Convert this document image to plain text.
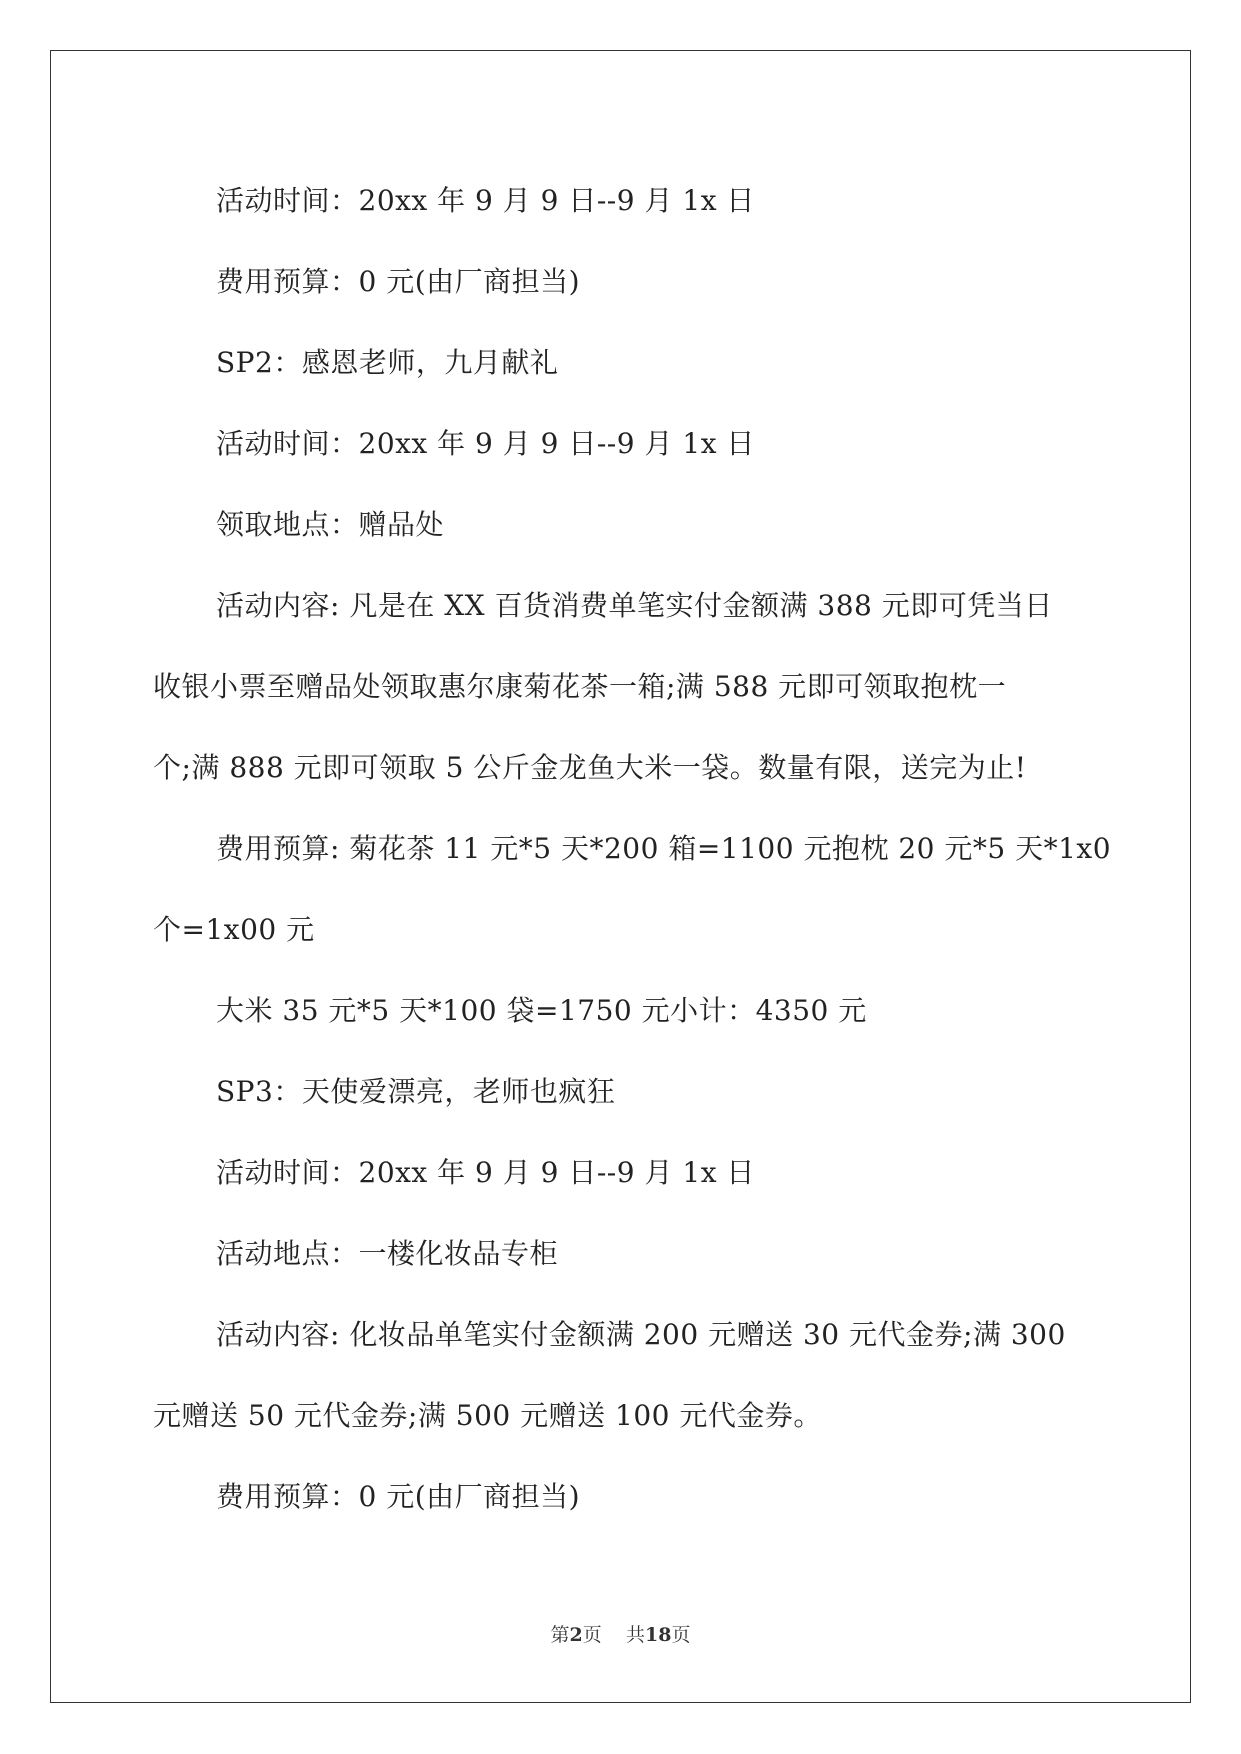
活动时间：20xx 年 9 月 9 日--9 月 1x 日
费用预算：0 元(由厂商担当)
SP2：感恩老师，九月献礼
活动时间：20xx 年 9 月 9 日--9 月 1x 日
领取地点：赠品处
活动内容: 凡是在 XX 百货消费单笔实付金额满 388 元即可凭当日
收银小票至赠品处领取惠尔康菊花茶一箱;满 588 元即可领取抱枕一
个;满 888 元即可领取 5 公斤金龙鱼大米一袋。数量有限，送完为止!
费用预算: 菊花茶 11 元*5 天*200 箱=1100 元抱枕 20 元*5 天*1x0
个=1x00 元
大米 35 元*5 天*100 袋=1750 元小计：4350 元
SP3：天使爱漂亮，老师也疯狂
活动时间：20xx 年 9 月 9 日--9 月 1x 日
活动地点：一楼化妆品专柜
活动内容: 化妆品单笔实付金额满 200 元赠送 30 元代金券;满 300
元赠送 50 元代金券;满 500 元赠送 100 元代金券。
费用预算：0 元(由厂商担当)
第2页 共18页
